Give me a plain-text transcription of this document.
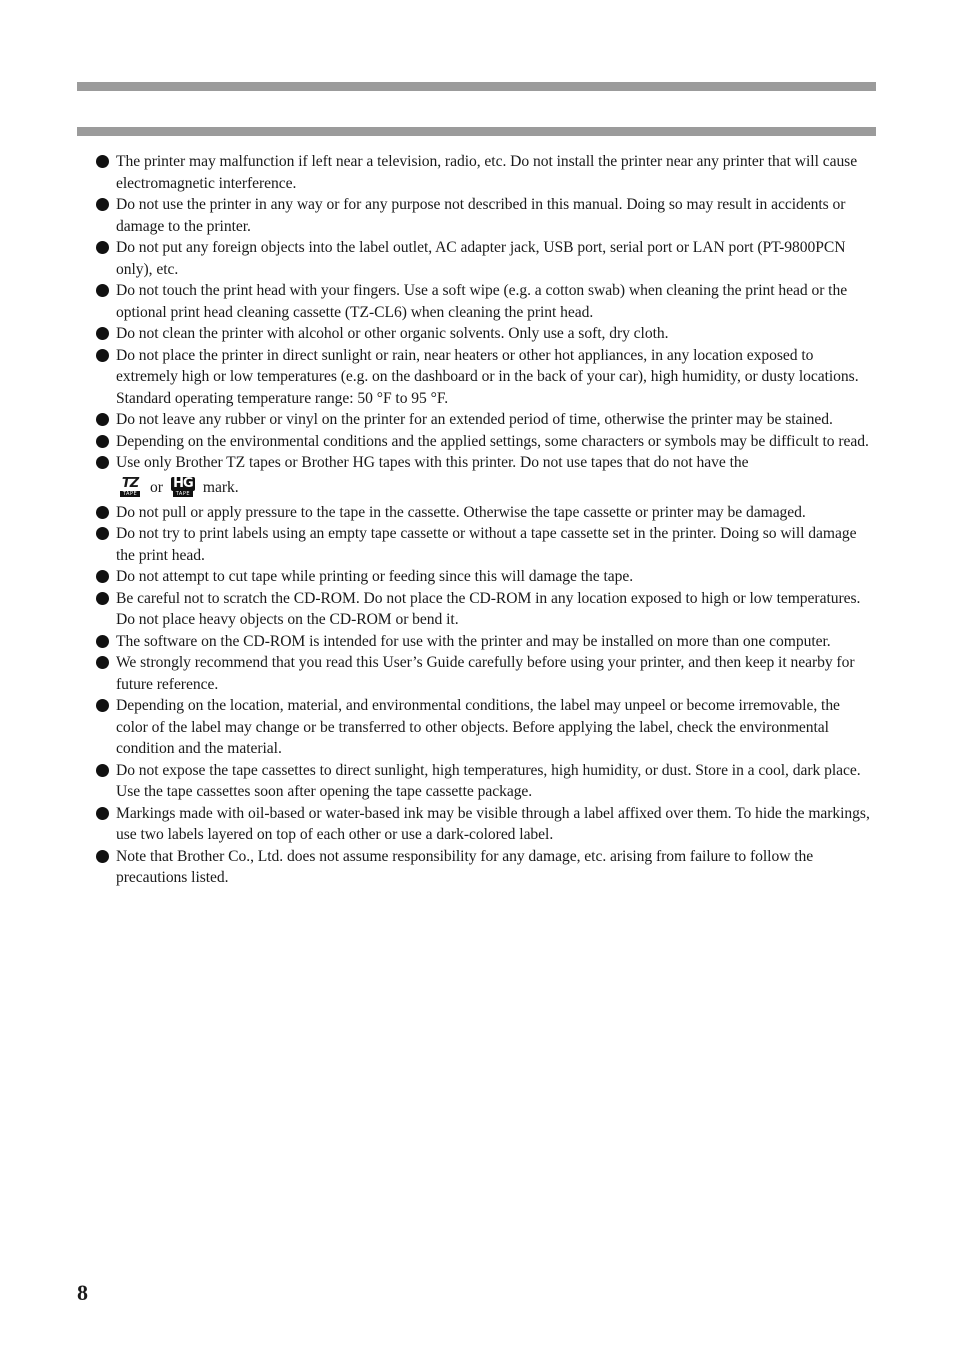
The printer may malfunction if left near a television, radio, etc. Do not install the printer near any printer that will cause electromagnetic interference.
Do not use the printer in any way or for any purpose not described in this manual. Doing so may result in accidents or damage to the printer.
Do not put any foreign objects into the label outlet, AC adapter jack, USB port, serial port or LAN port (PT-9800PCN only), etc.
Do not touch the print head with your fingers. Use a soft wipe (e.g. a cotton swab) when cleaning the print head or the optional print head cleaning cassette (TZ-CL6) when cleaning the print head.
Do not clean the printer with alcohol or other organic solvents. Only use a soft, dry cloth.
Do not place the printer in direct sunlight or rain, near heaters or other hot appliances, in any location exposed to extremely high or low temperatures (e.g. on the dashboard or in the back of your car), high humidity, or dusty locations. Standard operating temperature range: 50 °F to 95 °F.
Do not leave any rubber or vinyl on the printer for an extended period of time, otherwise the printer may be stained.
Depending on the environmental conditions and the applied settings, some characters or symbols may be difficult to read.
Use only Brother TZ tapes or Brother HG tapes with this printer. Do not use tapes that do not have the
TZ
TAPE or HG
TAPE mark.
Do not pull or apply pressure to the tape in the cassette. Otherwise the tape cassette or printer may be damaged.
Do not try to print labels using an empty tape cassette or without a tape cassette set in the printer. Doing so will damage the print head.
Do not attempt to cut tape while printing or feeding since this will damage the tape.
Be careful not to scratch the CD-ROM. Do not place the CD-ROM in any location exposed to high or low temperatures. Do not place heavy objects on the CD-ROM or bend it.
The software on the CD-ROM is intended for use with the printer and may be installed on more than one computer.
We strongly recommend that you read this User’s Guide carefully before using your printer, and then keep it nearby for future reference.
Depending on the location, material, and environmental conditions, the label may unpeel or become irremovable, the color of the label may change or be transferred to other objects. Before applying the label, check the environmental condition and the material.
Do not expose the tape cassettes to direct sunlight, high temperatures, high humidity, or dust. Store in a cool, dark place. Use the tape cassettes soon after opening the tape cassette package.
Markings made with oil-based or water-based ink may be visible through a label affixed over them. To hide the markings, use two labels layered on top of each other or use a dark-colored label.
Note that Brother Co., Ltd. does not assume responsibility for any damage, etc. arising from failure to follow the precautions listed.
8
